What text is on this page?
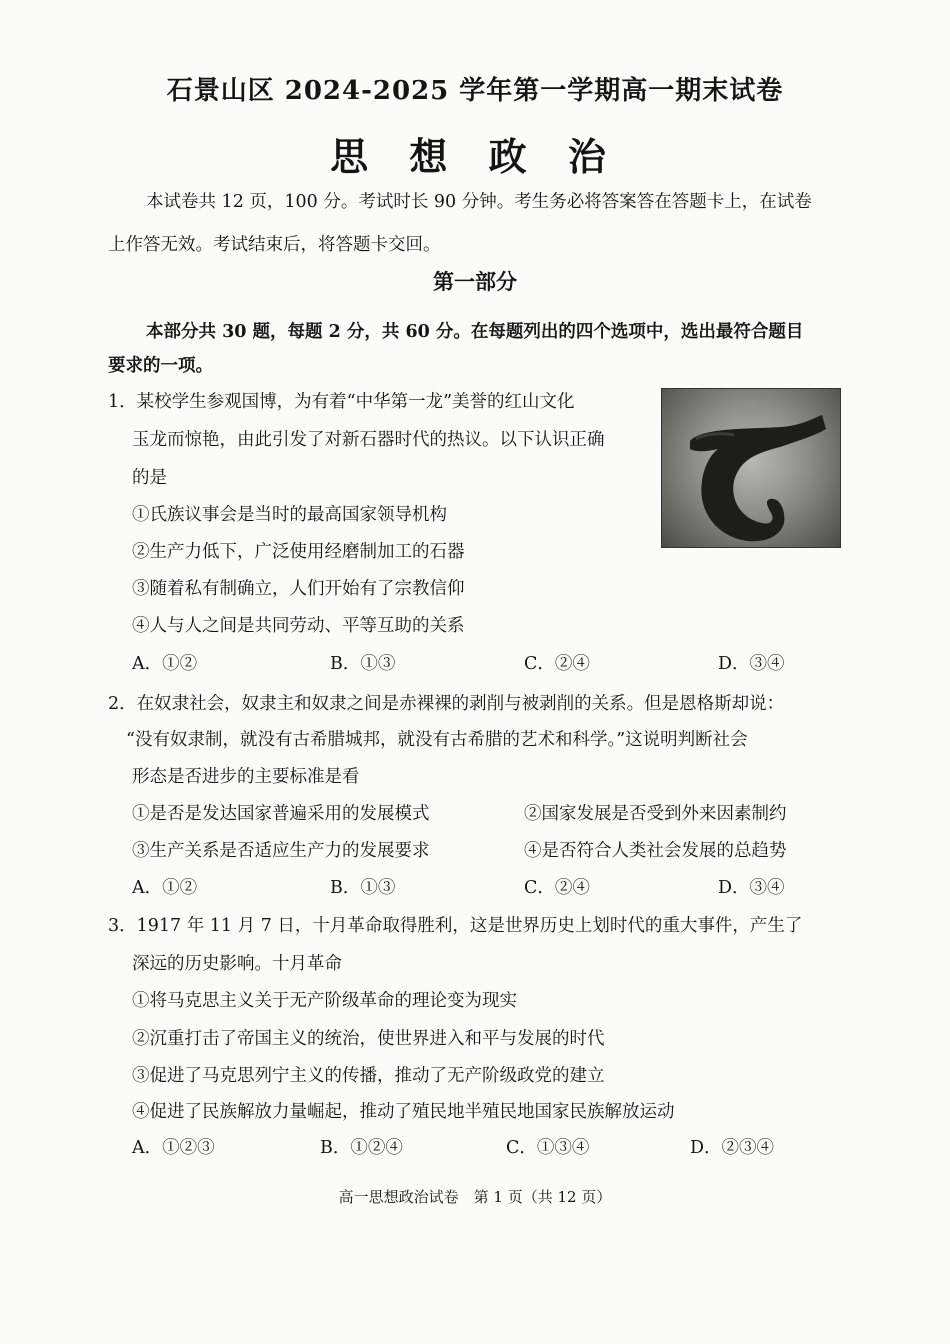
石景山区 2024-2025 学年第一学期高一期末试卷
思 想 政 治
本试卷共 12 页，100 分。考试时长 90 分钟。考生务必将答案答在答题卡上，在试卷
上作答无效。考试结束后，将答题卡交回。
第一部分
本部分共 30 题，每题 2 分，共 60 分。在每题列出的四个选项中，选出最符合题目
要求的一项。
1．某校学生参观国博，为有着“中华第一龙”美誉的红山文化
玉龙而惊艳，由此引发了对新石器时代的热议。以下认识正确
的是
①氏族议事会是当时的最高国家领导机构
②生产力低下，广泛使用经磨制加工的石器
③随着私有制确立，人们开始有了宗教信仰
④人与人之间是共同劳动、平等互助的关系
A．①②	B．①③	C．②④	D．③④
2．在奴隶社会，奴隶主和奴隶之间是赤裸裸的剥削与被剥削的关系。但是恩格斯却说：
“没有奴隶制，就没有古希腊城邦，就没有古希腊的艺术和科学。”这说明判断社会
形态是否进步的主要标准是看
①是否是发达国家普遍采用的发展模式	②国家发展是否受到外来因素制约
③生产关系是否适应生产力的发展要求	④是否符合人类社会发展的总趋势
A．①②	B．①③	C．②④	D．③④
3．1917 年 11 月 7 日，十月革命取得胜利，这是世界历史上划时代的重大事件，产生了
深远的历史影响。十月革命
①将马克思主义关于无产阶级革命的理论变为现实
②沉重打击了帝国主义的统治，使世界进入和平与发展的时代
③促进了马克思列宁主义的传播，推动了无产阶级政党的建立
④促进了民族解放力量崛起，推动了殖民地半殖民地国家民族解放运动
A．①②③	B．①②④	C．①③④	D．②③④
高一思想政治试卷　第 1 页（共 12 页）
